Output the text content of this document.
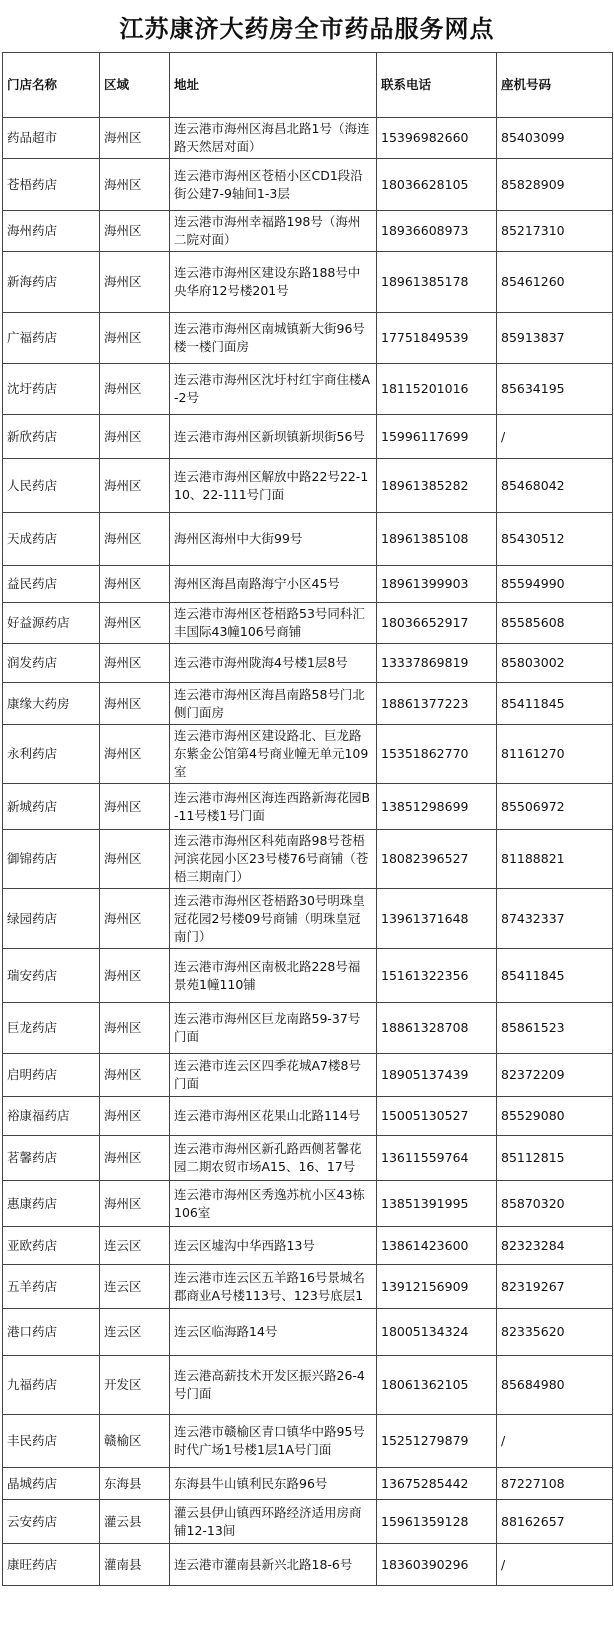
江苏康济大药房全市药品服务网点
门店名称	区域	地址	联系电话	座机号码
药品超市	海州区	连云港市海州区海昌北路1号（海连路天然居对面）	15396982660	85403099
苍梧药店	海州区	连云港市海州区苍梧小区CD1段沿街公建7-9轴间1-3层	18036628105	85828909
海州药店	海州区	连云港市海州幸福路198号（海州二院对面）	18936608973	85217310
新海药店	海州区	连云港市海州区建设东路188号中央华府12号楼201号	18961385178	85461260
广福药店	海州区	连云港市海州区南城镇新大街96号楼一楼门面房	17751849539	85913837
沈圩药店	海州区	连云港市海州区沈圩村红宇商住楼A-2号	18115201016	85634195
新欣药店	海州区	连云港市海州区新坝镇新坝街56号	15996117699	/
人民药店	海州区	连云港市海州区解放中路22号22-110、22-111号门面	18961385282	85468042
天成药店	海州区	海州区海州中大街99号	18961385108	85430512
益民药店	海州区	海州区海昌南路海宁小区45号	18961399903	85594990
好益源药店	海州区	连云港市海州区苍梧路53号同科汇丰国际43幢106号商铺	18036652917	85585608
润发药店	海州区	连云港市海州陇海4号楼1层8号	13337869819	85803002
康缘大药房	海州区	连云港市海州区海昌南路58号门北侧门面房	18861377223	85411845
永利药店	海州区	连云港市海州区建设路北、巨龙路东紫金公馆第4号商业幢无单元109室	15351862770	81161270
新城药店	海州区	连云港市海州区海连西路新海花园B-11号楼1号门面	13851298699	85506972
御锦药店	海州区	连云港市海州区科苑南路98号苍梧河滨花园小区23号楼76号商铺（苍梧三期南门）	18082396527	81188821
绿园药店	海州区	连云港市海州区苍梧路30号明珠皇冠花园2号楼09号商铺（明珠皇冠南门）	13961371648	87432337
瑞安药店	海州区	连云港市海州区南极北路228号福景苑1幢110铺	15161322356	85411845
巨龙药店	海州区	连云港市海州区巨龙南路59-37号门面	18861328708	85861523
启明药店	海州区	连云港市连云区四季花城A7楼8号门面	18905137439	82372209
裕康福药店	海州区	连云港市海州区花果山北路114号	15005130527	85529080
茗馨药店	海州区	连云港市海州区新孔路西侧茗馨花园二期农贸市场A15、16、17号	13611559764	85112815
惠康药店	海州区	连云港市海州区秀逸苏杭小区43栋106室	13851391995	85870320
亚欧药店	连云区	连云区墟沟中华西路13号	13861423600	82323284
五羊药店	连云区	连云港市连云区五羊路16号景城名郡商业A号楼113号、123号底层1	13912156909	82319267
港口药店	连云区	连云区临海路14号	18005134324	82335620
九福药店	开发区	连云港高薪技术开发区振兴路26-4号门面	18061362105	85684980
丰民药店	赣榆区	连云港市赣榆区青口镇华中路95号时代广场1号楼1层1A号门面	15251279879	/
晶城药店	东海县	东海县牛山镇利民东路96号	13675285442	87227108
云安药店	灌云县	灌云县伊山镇西环路经济适用房商铺12-13间	15961359128	88162657
康旺药店	灌南县	连云港市灌南县新兴北路18-6号	18360390296	/
